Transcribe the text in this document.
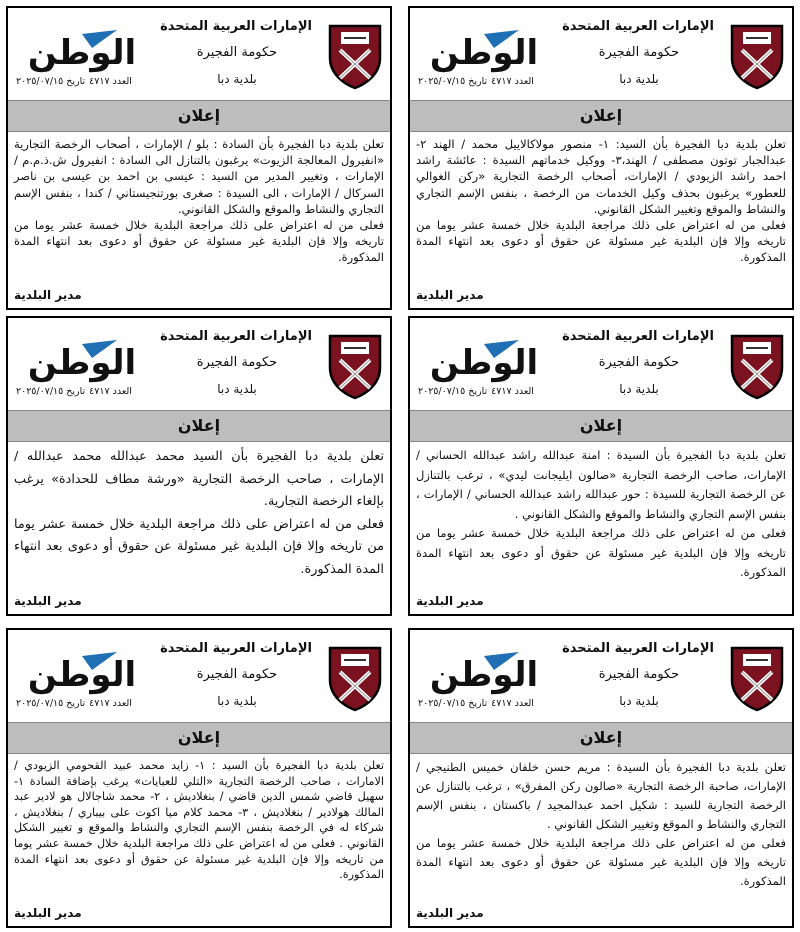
الإمارات العربية المتحدة
حكومة الفجيرة
بلدية دبا
الوطن
العدد ٤٧١٧تاريخ ٢٠٢٥/٠٧/١٥
إعلان

تعلن بلدية دبا الفجيرة بأن السيد: ١- منصور مولاكالاييل محمد / الهند ٢- عبدالجبار توتون مصطفى / الهند،٣- ووكيل خدماتهم السيدة : عائشة راشد احمد راشد الزيودي / الإمارات، أصحاب الرخصة التجارية «ركن الغوالي للعطور» يرغبون بحذف وكيل الخدمات من الرخصة ، بنفس الإسم التجاري والنشاط والموقع وتغيير الشكل القانوني.

فعلى من له اعتراض على ذلك مراجعة البلدية خلال خمسة عشر يوما من تاريخه وإلا فإن البلدية غير مسئولة عن حقوق أو دعوى بعد انتهاء المدة المذكورة.

مدير البلدية
الإمارات العربية المتحدة
حكومة الفجيرة
بلدية دبا
الوطن
العدد ٤٧١٧تاريخ ٢٠٢٥/٠٧/١٥
إعلان

تعلن بلدية دبا الفجيرة بأن السادة : بلو / الإمارات ، أصحاب الرخصة التجارية «انفيرول المعالجة الزيوت» يرغبون بالتنازل الى السادة : انفيرول ش.ذ.م.م / الإمارات ، وتغيير المدير من السيد : عيسى بن احمد بن عيسى بن ناصر السركال / الإمارات ، الى السيدة : صغرى بورتنجيستاني / كندا ، بنفس الإسم التجاري والنشاط والموقع والشكل القانوني.

فعلى من له اعتراض على ذلك مراجعة البلدية خلال خمسة عشر يوما من تاريخه وإلا فإن البلدية غير مسئولة عن حقوق أو دعوى بعد انتهاء المدة المذكورة.

مدير البلدية
الإمارات العربية المتحدة
حكومة الفجيرة
بلدية دبا
الوطن
العدد ٤٧١٧تاريخ ٢٠٢٥/٠٧/١٥
إعلان

تعلن بلدية دبا الفجيرة بأن السيدة : امنة عبدالله راشد عبدالله الحساني / الإمارات، صاحب الرخصة التجارية «صالون ايليجانت ليدي» ، ترغب بالتنازل عن الرخصة التجارية للسيدة : حور عبدالله راشد عبدالله الحساني / الإمارات ، بنفس الإسم التجاري والنشاط والموقع والشكل القانوني .

فعلى من له اعتراض على ذلك مراجعة البلدية خلال خمسة عشر يوما من تاريخه وإلا فإن البلدية غير مسئولة عن حقوق أو دعوى بعد انتهاء المدة المذكورة.

مدير البلدية
الإمارات العربية المتحدة
حكومة الفجيرة
بلدية دبا
الوطن
العدد ٤٧١٧تاريخ ٢٠٢٥/٠٧/١٥
إعلان

تعلن بلدية دبا الفجيرة بأن السيد محمد عبدالله محمد عبدالله / الإمارات ، صاحب الرخصة التجارية «ورشة مطاف للحدادة» يرغب بإلغاء الرخصة التجارية.

فعلى من له اعتراض على ذلك مراجعة البلدية خلال خمسة عشر يوما من تاريخه وإلا فإن البلدية غير مسئولة عن حقوق أو دعوى بعد انتهاء المدة المذكورة.

مدير البلدية
الإمارات العربية المتحدة
حكومة الفجيرة
بلدية دبا
الوطن
العدد ٤٧١٧تاريخ ٢٠٢٥/٠٧/١٥
إعلان

تعلن بلدية دبا الفجيرة بأن السيدة : مريم حسن خلفان خميس الطنيجي / الإمارات، صاحبة الرخصة التجارية «صالون ركن المفرق» ، ترغب بالتنازل عن الرخصة التجارية للسيد : شكيل احمد عبدالمجيد / باكستان ، بنفس الإسم التجاري والنشاط و الموقع وتغيير الشكل القانوني .

فعلى من له اعتراض على ذلك مراجعة البلدية خلال خمسة عشر يوما من تاريخه وإلا فإن البلدية غير مسئولة عن حقوق أو دعوى بعد انتهاء المدة المذكورة.

مدير البلدية
الإمارات العربية المتحدة
حكومة الفجيرة
بلدية دبا
الوطن
العدد ٤٧١٧تاريخ ٢٠٢٥/٠٧/١٥
إعلان

تعلن بلدية دبا الفجيرة بأن السيد : ١- زايد محمد عبيد القحومي الزيودي / الامارات ، صاحب الرخصة التجارية «التلي للعبايات» يرغب بإضافة السادة ١- سهيل قاضي شمس الدين قاضي / بنغلاديش ، ٢- محمد شاجالال هو لادير عبد المالك هولادير / بنغلاديش ، ٣- محمد كلام ميا اكوت على بيباري / بنغلاديش ، شركاء له في الرخصة بنفس الإسم التجاري والنشاط والموقع و تغيير الشكل القانوني . فعلى من له اعتراض على ذلك مراجعة البلدية خلال خمسة عشر يوما من تاريخه وإلا فإن البلدية غير مسئولة عن حقوق أو دعوى بعد انتهاء المدة المذكورة.

مدير البلدية
